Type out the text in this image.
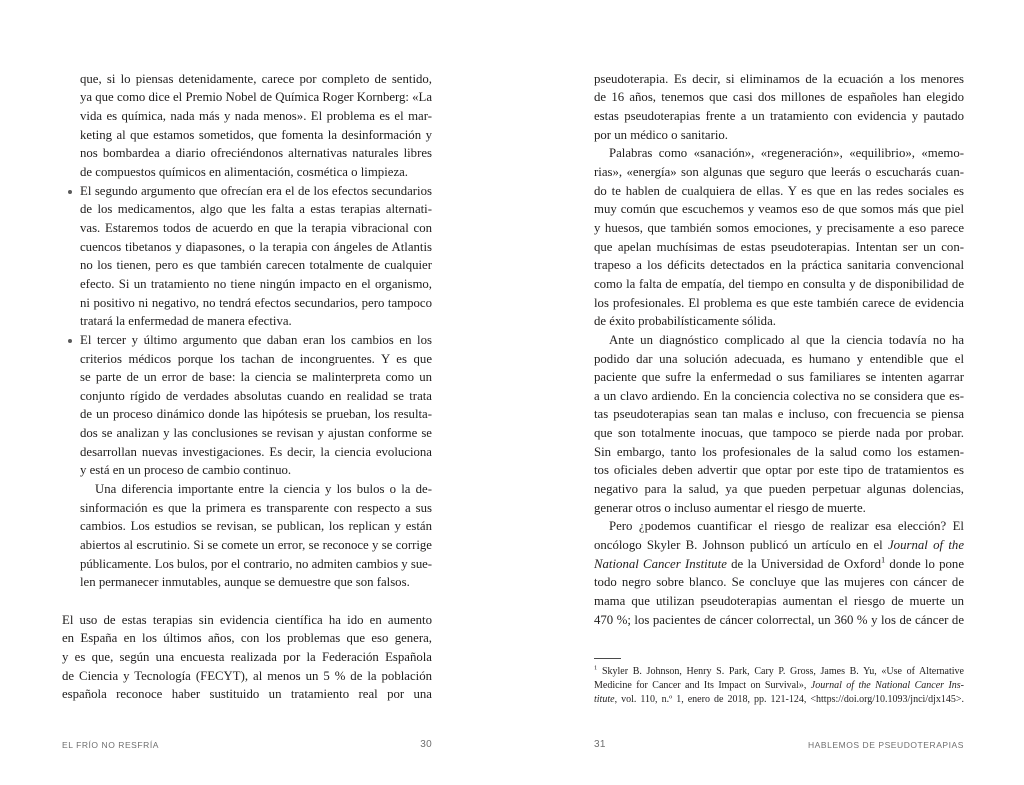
que, si lo piensas detenidamente, carece por completo de sentido,
ya que como dice el Premio Nobel de Química Roger Kornberg: «La
vida es química, nada más y nada menos». El problema es el mar-
keting al que estamos sometidos, que fomenta la desinformación y
nos bombardea a diario ofreciéndonos alternativas naturales libres
de compuestos químicos en alimentación, cosmética o limpieza.
El segundo argumento que ofrecían era el de los efectos secundarios
de los medicamentos, algo que les falta a estas terapias alternati-
vas. Estaremos todos de acuerdo en que la terapia vibracional con
cuencos tibetanos y diapasones, o la terapia con ángeles de Atlantis
no los tienen, pero es que también carecen totalmente de cualquier
efecto. Si un tratamiento no tiene ningún impacto en el organismo,
ni positivo ni negativo, no tendrá efectos secundarios, pero tampoco
tratará la enfermedad de manera efectiva.
El tercer y último argumento que daban eran los cambios en los
criterios médicos porque los tachan de incongruentes. Y es que
se parte de un error de base: la ciencia se malinterpreta como un
conjunto rígido de verdades absolutas cuando en realidad se trata
de un proceso dinámico donde las hipótesis se prueban, los resulta-
dos se analizan y las conclusiones se revisan y ajustan conforme se
desarrollan nuevas investigaciones. Es decir, la ciencia evoluciona
y está en un proceso de cambio continuo.
Una diferencia importante entre la ciencia y los bulos o la de-
sinformación es que la primera es transparente con respecto a sus
cambios. Los estudios se revisan, se publican, los replican y están
abiertos al escrutinio. Si se comete un error, se reconoce y se corrige
públicamente. Los bulos, por el contrario, no admiten cambios y sue-
len permanecer inmutables, aunque se demuestre que son falsos.
El uso de estas terapias sin evidencia científica ha ido en aumento
en España en los últimos años, con los problemas que eso genera,
y es que, según una encuesta realizada por la Federación Española
de Ciencia y Tecnología (FECYT), al menos un 5 % de la población
española reconoce haber sustituido un tratamiento real por una
EL FRÍO NO RESFRÍA	30
pseudoterapia. Es decir, si eliminamos de la ecuación a los menores
de 16 años, tenemos que casi dos millones de españoles han elegido
estas pseudoterapias frente a un tratamiento con evidencia y pautado
por un médico o sanitario.
Palabras como «sanación», «regeneración», «equilibrio», «memo-
rias», «energía» son algunas que seguro que leerás o escucharás cuan-
do te hablen de cualquiera de ellas. Y es que en las redes sociales es
muy común que escuchemos y veamos eso de que somos más que piel
y huesos, que también somos emociones, y precisamente a eso parece
que apelan muchísimas de estas pseudoterapias. Intentan ser un con-
trapeso a los déficits detectados en la práctica sanitaria convencional
como la falta de empatía, del tiempo en consulta y de disponibilidad de
los profesionales. El problema es que este también carece de evidencia
de éxito probabilísticamente sólida.
Ante un diagnóstico complicado al que la ciencia todavía no ha
podido dar una solución adecuada, es humano y entendible que el
paciente que sufre la enfermedad o sus familiares se intenten agarrar
a un clavo ardiendo. En la conciencia colectiva no se considera que es-
tas pseudoterapias sean tan malas e incluso, con frecuencia se piensa
que son totalmente inocuas, que tampoco se pierde nada por probar.
Sin embargo, tanto los profesionales de la salud como los estamen-
tos oficiales deben advertir que optar por este tipo de tratamientos es
negativo para la salud, ya que pueden perpetuar algunas dolencias,
generar otros o incluso aumentar el riesgo de muerte.
Pero ¿podemos cuantificar el riesgo de realizar esa elección? El
oncólogo Skyler B. Johnson publicó un artículo en el Journal of the
National Cancer Institute de la Universidad de Oxford$^1$ donde lo pone
todo negro sobre blanco. Se concluye que las mujeres con cáncer de
mama que utilizan pseudoterapias aumentan el riesgo de muerte un
470 %; los pacientes de cáncer colorrectal, un 360 % y los de cáncer de
$^1$ Skyler B. Johnson, Henry S. Park, Cary P. Gross, James B. Yu, «Use of Alternative
Medicine for Cancer and Its Impact on Survival», Journal of the National Cancer Ins-
titute, vol. 110, n.º 1, enero de 2018, pp. 121-124, <https://doi.org/10.1093/jnci/djx145>.
31	HABLEMOS DE PSEUDOTERAPIAS
